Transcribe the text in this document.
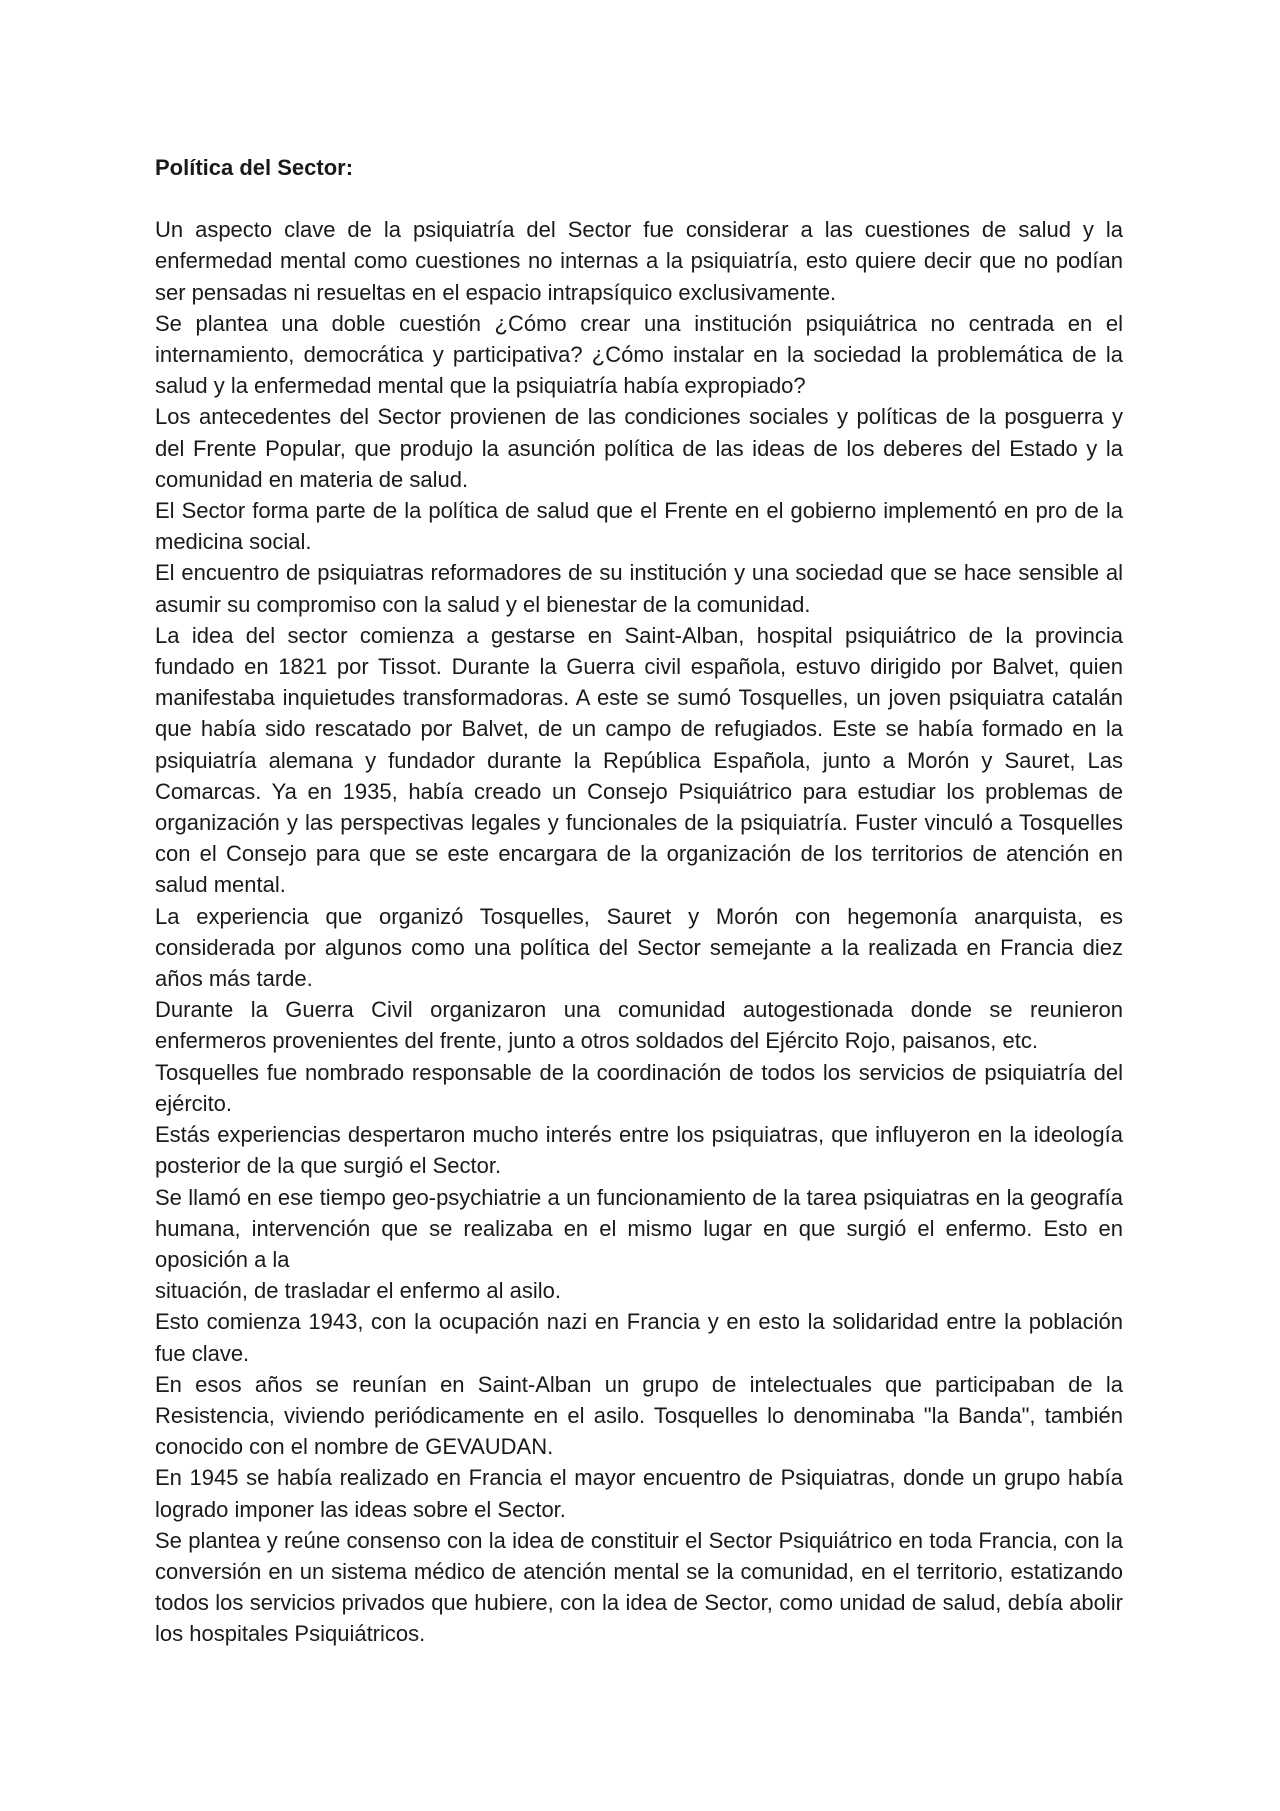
Política del Sector:

Un aspecto clave de la psiquiatría del Sector fue considerar a las cuestiones de salud y la enfermedad mental como cuestiones no internas a la psiquiatría, esto quiere decir que no podían ser pensadas ni resueltas en el espacio intrapsíquico exclusivamente.

Se plantea una doble cuestión ¿Cómo crear una institución psiquiátrica no centrada en el internamiento, democrática y participativa? ¿Cómo instalar en la sociedad la problemática de la salud y la enfermedad mental que la psiquiatría había expropiado?

Los antecedentes del Sector provienen de las condiciones sociales y políticas de la posguerra y del Frente Popular, que produjo la asunción política de las ideas de los deberes del Estado y la comunidad en materia de salud.

El Sector forma parte de la política de salud que el Frente en el gobierno implementó en pro de la medicina social.

El encuentro de psiquiatras reformadores de su institución y una sociedad que se hace sensible al asumir su compromiso con la salud y el bienestar de la comunidad.

La idea del sector comienza a gestarse en Saint-Alban, hospital psiquiátrico de la provincia fundado en 1821 por Tissot. Durante la Guerra civil española, estuvo dirigido por Balvet, quien manifestaba inquietudes transformadoras. A este se sumó Tosquelles, un joven psiquiatra catalán que había sido rescatado por Balvet, de un campo de refugiados. Este se había formado en la psiquiatría alemana y fundador durante la República Española, junto a Morón y Sauret, Las Comarcas. Ya en 1935, había creado un Consejo Psiquiátrico para estudiar los problemas de organización y las perspectivas legales y funcionales de la psiquiatría. Fuster vinculó a Tosquelles con el Consejo para que se este encargara de la organización de los territorios de atención en salud mental.

La experiencia que organizó Tosquelles, Sauret y Morón con hegemonía anarquista, es considerada por algunos como una política del Sector semejante a la realizada en Francia diez años más tarde.

Durante la Guerra Civil organizaron una comunidad autogestionada donde se reunieron enfermeros provenientes del frente, junto a otros soldados del Ejército Rojo, paisanos, etc.

Tosquelles fue nombrado responsable de la coordinación de todos los servicios de psiquiatría del ejército.

Estás experiencias despertaron mucho interés entre los psiquiatras, que influyeron en la ideología posterior de la que surgió el Sector.

Se llamó en ese tiempo geo-psychiatrie a un funcionamiento de la tarea psiquiatras en la geografía humana, intervención que se realizaba en el mismo lugar en que surgió el enfermo. Esto en oposición a la

situación, de trasladar el enfermo al asilo.

Esto comienza 1943, con la ocupación nazi en Francia y en esto la solidaridad entre la población fue clave.

En esos años se reunían en Saint-Alban un grupo de intelectuales que participaban de la Resistencia, viviendo periódicamente en el asilo. Tosquelles lo denominaba "la Banda", también conocido con el nombre de GEVAUDAN.

En 1945 se había realizado en Francia el mayor encuentro de Psiquiatras, donde un grupo había logrado imponer las ideas sobre el Sector.

Se plantea y reúne consenso con la idea de constituir el Sector Psiquiátrico en toda Francia, con la conversión en un sistema médico de atención mental se la comunidad, en el territorio, estatizando todos los servicios privados que hubiere, con la idea de Sector, como unidad de salud, debía abolir los hospitales Psiquiátricos.
